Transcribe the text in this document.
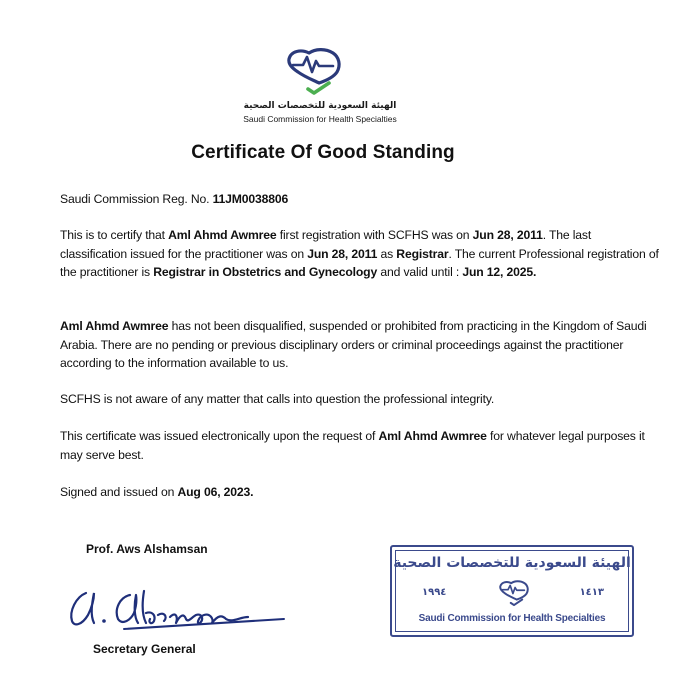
الهيئة السعودية للتخصصات الصحية
Saudi Commission for Health Specialties
Certificate Of Good Standing
Saudi Commission Reg. No. 11JM0038806
This is to certify that Aml Ahmd Awmree first registration with SCFHS was on Jun 28, 2011. The last classification issued for the practitioner was on Jun 28, 2011 as Registrar. The current Professional registration of the practitioner is Registrar in Obstetrics and Gynecology and valid until : Jun 12, 2025.
Aml Ahmd Awmree has not been disqualified, suspended or prohibited from practicing in the Kingdom of Saudi Arabia. There are no pending or previous disciplinary orders or criminal proceedings against the practitioner according to the information available to us.
SCFHS is not aware of any matter that calls into question the professional integrity.
This certificate was issued electronically upon the request of Aml Ahmd Awmree for whatever legal purposes it may serve best.
Signed and issued on Aug 06, 2023.
Prof. Aws Alshamsan
Secretary General
الهيئة السعودية للتخصصات الصحية
١٩٩٤	١٤١٣
Saudi Commission for Health Specialties
